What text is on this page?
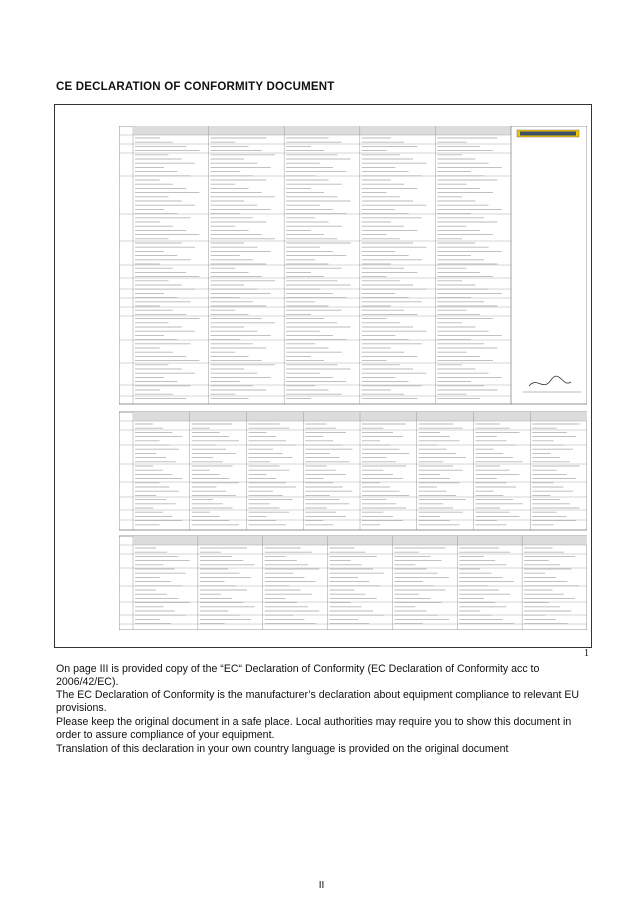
CE DECLARATION OF CONFORMITY DOCUMENT
1
On page III is provided copy of the “EC“ Declaration of Conformity (EC Declaration of Conformity acc to 2006/42/EC).
The EC Declaration of Conformity is the manufacturer’s declaration about equipment compliance to relevant EU provisions.
Please keep the original document in a safe place. Local authorities may require you to show this document in order to assure compliance of your equipment.
Translation of this declaration in your own country language is provided on the original document
II
